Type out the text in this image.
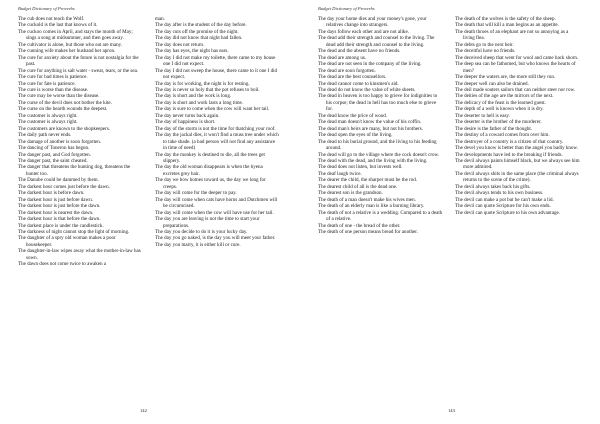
Budget Dictionary of Proverbs

The cub does not teach the Wolf.

The cuckold is the last that knows of it.

The cuckoo comes in April, and stays the month of May; sings a song at midsummer, and then goes away.

The cultivator is alone, but those who eat are many.

The cunning wife makes her husband her apron.

The cure for anxiety about the future is not nostalgia for the past.

The cure for anything is salt water - sweat, tears, or the sea.

The cure for bad times is patience.

The cure for fate is patience.

The cure is worse than the disease.

The cure may be worse than the disease.

The curse of the devil does not bother the kite.

The curse on the hearth wounds the deepest.

The customer is always right.

The customer is always right.

The customers are known to the shopkeepers.

The daily path never ends.

The damage of another is soon forgotten.

The dancing of Toneron has begun.

The danger past, and God forgotten.

The danger past, the saint cheated.

The danger that threatens the hunting dog, threatens the hunter too.

The Danube could be dammed by them.

The darkest hour comes just before the dawn.

The darkest hour is before dawn.

The darkest hour is just before dawn.

The darkest hour is just before the dawn.

The darkest hour is nearest the dawn.

The darkest hour is that before the dawn.

The darkest place is under the candlestick.

The darkness of night cannot stop the light of morning.

The daughter of a spry old woman makes a poor housekeeper.

The daughter-in-law wipes away what the mother-in-law has sown.

The dawn does not come twice to awaken a

man.

The day after is the student of the day before.

The day cuts off the promise of the night.

The day did not know that night had fallen.

The day does not return.

The day has eyes, the night has ears.

The day I did not make my toilette, there came to my house one I did not expect.

The day I did not sweep the house, there came to it one I did not expect.

The day is for working, the night is for resting.

The day is never so holy that the pot refuses to boil.

The day is short and the work is long.

The day is short and work lasts a long time.

The day is sure to come when the cow will want her tail.

The day never turns back again.

The day of happiness is short.

The day of the storm is not the time for thatching your roof.

The day the jackal dies, it won't find a muss tree under which to take shade. (a bad person will not find any assistance in time of need)

The day the monkey is destined to die, all the trees get slippery.

The day the old woman disappears is when the hyena excretes grey hair.

The day we bow homes toward us, the day we long for creeps.

The day will come for the deeper to pay.

The day will come when cats have horns and Dutchmen will be circumcised.

The day will come when the cow will have use for her tail.

The day you are leaving is not the time to start your preparations.

The day you decide to do it is your lucky day.

The day you go naked, is the day you will meet your father.

The day you marry, it is either kill or cure.

142
Budget Dictionary of Proverbs

The day your home dies and your money's gone, your relatives change into strangers.

The days follow each other and are not alike.

The dead add their strength and counsel to the living. The dead add their strength and counsel to the living.

The dead and the absent have no friends.

The dead are among us.

The dead are not seen in the company of the living.

The dead are soon forgotten.

The dead are the best counsellors.

The dead cannot come to kinsmen's aid.

The dead do not know the value of white sheets.

The dead in heaven is too happy to grieve for indignities to his corpse; the dead in hell has too much else to grieve for.

The dead know the price of wood.

The dead man doesn't know the value of his coffin.

The dead man's heirs are many, but not his brothers.

The dead open the eyes of the living.

The dead to his burial ground, and the living to his feeding around.

The dead will go to the village where the cock doesn't crow.

The dead with the dead, and the living with the living.

The dead does not listen, but invests well.

The deaf laugh twice.

The dearer the child, the sharper must be the rod.

The dearest child of all is the dead one.

The dearest son is the grandson.

The death of a man doesn't make his wives men.

The death of an elderly man is like a burning library.

The death of not a relative is a wedding. Compared to a death of a relative.

The death of one - the bread of the other.

The death of one person means bread for another.

The death of the wolves is the safety of the sheep.

The death that will kill a man begins as an appetite.

The death throes of an elephant are not so annoying as a living flea.

The debts go to the next heir.

The deceitful have no friends.

The deceived sheep that went for wool and came back shorn.

The deep sea can be fathomed, but who knows the hearts of men?

The deeper the waters are, the more still they run.

The deeper well can also be drained.

The deil made souters sailors that can neither steer nor row.

The deities of the age are the mirrors of the next.

The delicacy of the feast is the learned guest.

The depth of a well is known when it is dry.

The deserter to hell is easy.

The deserter is the brother of the murderer.

The desire is the father of the thought.

The destiny of a coward comes from over him.

The destroyer of a country is a citizen of that country.

The devel you know is better than the angel you badly know.

The developments have led to the breaking if friends.

The devil always paints himself black, but we always see him more admired.

The devil always shits in the same place (the criminal always returns to the scene of the crime).

The devil always takes back his gifts.

The devil always tends to his own business.

The devil can make a pot but he can't make a lid.

The devil can quote Scripture for his own ends.

The devil can quote Scripture to his own advantage.

143
